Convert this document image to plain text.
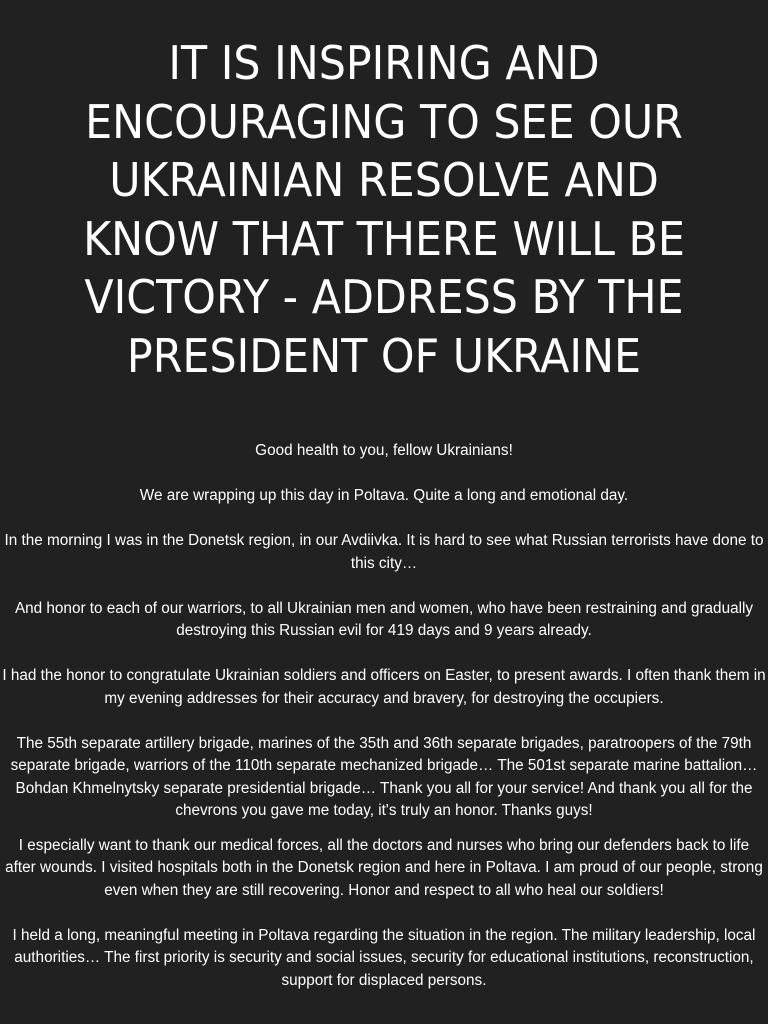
IT IS INSPIRING AND ENCOURAGING TO SEE OUR UKRAINIAN RESOLVE AND KNOW THAT THERE WILL BE VICTORY - ADDRESS BY THE PRESIDENT OF UKRAINE

Good health to you, fellow Ukrainians!

We are wrapping up this day in Poltava. Quite a long and emotional day.

In the morning I was in the Donetsk region, in our Avdiivka. It is hard to see what Russian terrorists have done to this city…

And honor to each of our warriors, to all Ukrainian men and women, who have been restraining and gradually destroying this Russian evil for 419 days and 9 years already.

I had the honor to congratulate Ukrainian soldiers and officers on Easter, to present awards. I often thank them in my evening addresses for their accuracy and bravery, for destroying the occupiers.

The 55th separate artillery brigade, marines of the 35th and 36th separate brigades, paratroopers of the 79th separate brigade, warriors of the 110th separate mechanized brigade… The 501st separate marine battalion… Bohdan Khmelnytsky separate presidential brigade… Thank you all for your service! And thank you all for the chevrons you gave me today, it's truly an honor. Thanks guys!

I especially want to thank our medical forces, all the doctors and nurses who bring our defenders back to life after wounds. I visited hospitals both in the Donetsk region and here in Poltava. I am proud of our people, strong even when they are still recovering. Honor and respect to all who heal our soldiers!

I held a long, meaningful meeting in Poltava regarding the situation in the region. The military leadership, local authorities… The first priority is security and social issues, security for educational institutions, reconstruction, support for displaced persons.
